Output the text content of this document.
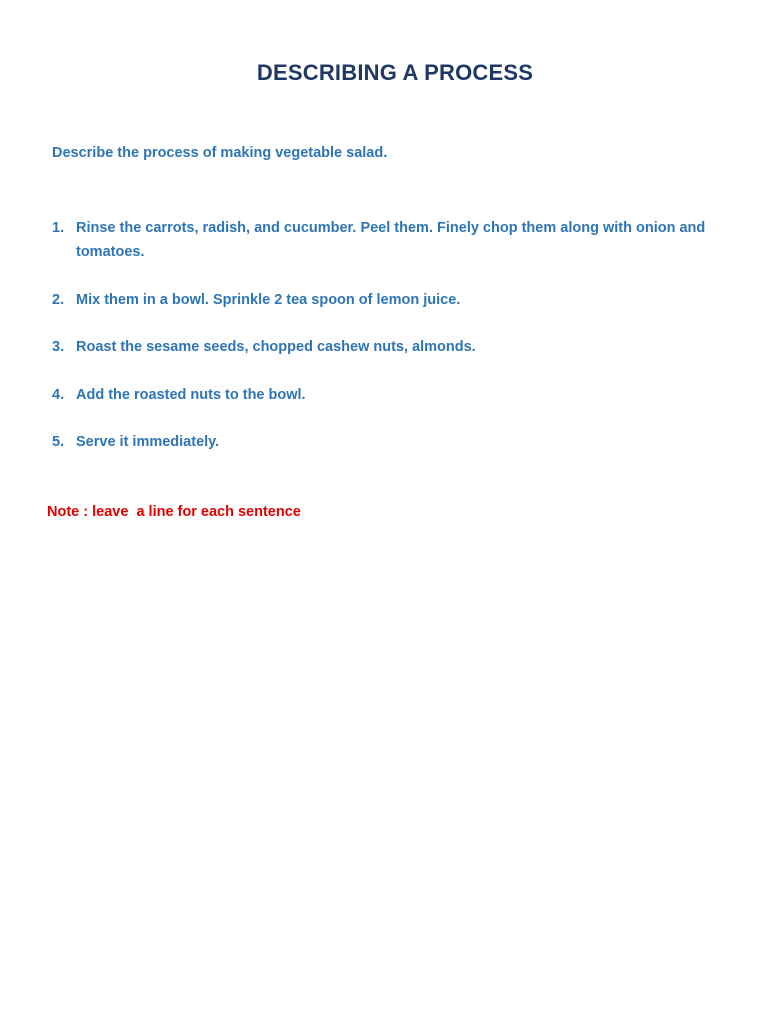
DESCRIBING A PROCESS

Describe the process of making vegetable salad.

1. Rinse the carrots, radish, and cucumber. Peel them. Finely chop them along with onion and tomatoes.
2. Mix them in a bowl. Sprinkle 2 tea spoon of lemon juice.
3. Roast the sesame seeds, chopped cashew nuts, almonds.
4. Add the roasted nuts to the bowl.
5. Serve it immediately.

Note : leave  a line for each sentence
